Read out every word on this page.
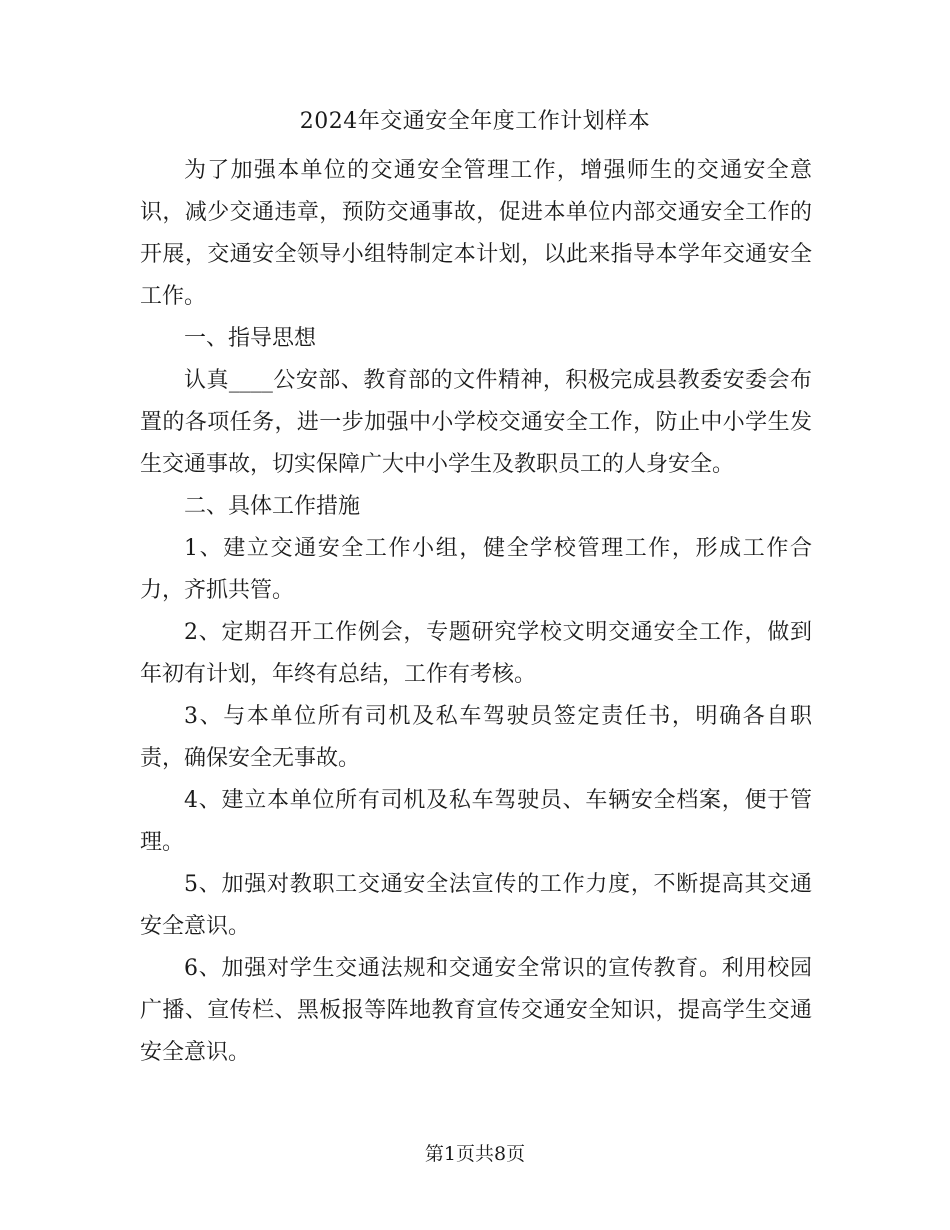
2024年交通安全年度工作计划样本

为了加强本单位的交通安全管理工作，增强师生的交通安全意识，减少交通违章，预防交通事故，促进本单位内部交通安全工作的开展，交通安全领导小组特制定本计划，以此来指导本学年交通安全工作。

一、指导思想

认真____公安部、教育部的文件精神，积极完成县教委安委会布置的各项任务，进一步加强中小学校交通安全工作，防止中小学生发生交通事故，切实保障广大中小学生及教职员工的人身安全。

二、具体工作措施

1、建立交通安全工作小组，健全学校管理工作，形成工作合力，齐抓共管。

2、定期召开工作例会，专题研究学校文明交通安全工作，做到年初有计划，年终有总结，工作有考核。

3、与本单位所有司机及私车驾驶员签定责任书，明确各自职责，确保安全无事故。

4、建立本单位所有司机及私车驾驶员、车辆安全档案，便于管理。

5、加强对教职工交通安全法宣传的工作力度，不断提高其交通安全意识。

6、加强对学生交通法规和交通安全常识的宣传教育。利用校园广播、宣传栏、黑板报等阵地教育宣传交通安全知识，提高学生交通安全意识。

第1页共8页
